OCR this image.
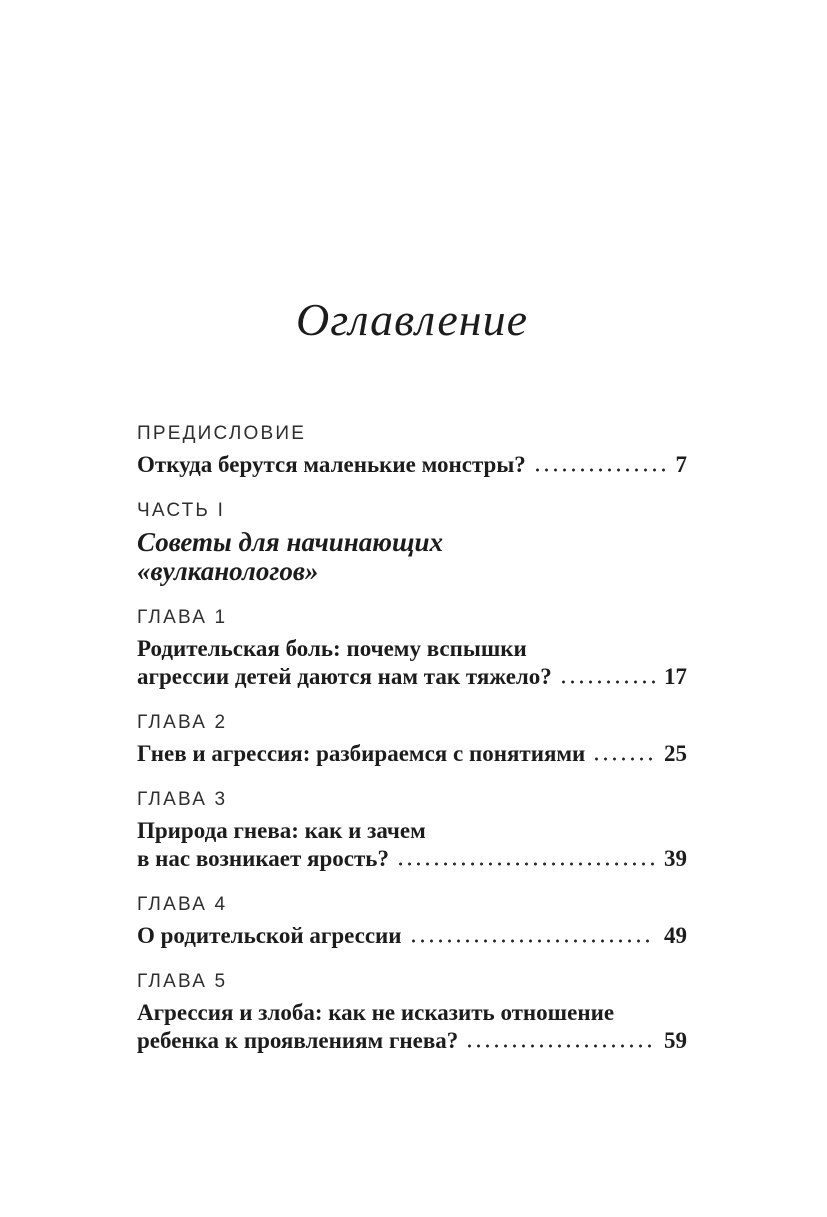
Оглавление
ПРЕДИСЛОВИЕ
Откуда берутся маленькие монстры?	7
ЧАСТЬ I
Советы для начинающих
«вулканологов»
ГЛАВА 1
Родительская боль: почему вспышки
агрессии детей даются нам так тяжело?	17
ГЛАВА 2
Гнев и агрессия: разбираемся с понятиями	25
ГЛАВА 3
Природа гнева: как и зачем
в нас возникает ярость?	39
ГЛАВА 4
О родительской агрессии	49
ГЛАВА 5
Агрессия и злоба: как не исказить отношение
ребенка к проявлениям гнева?	59
